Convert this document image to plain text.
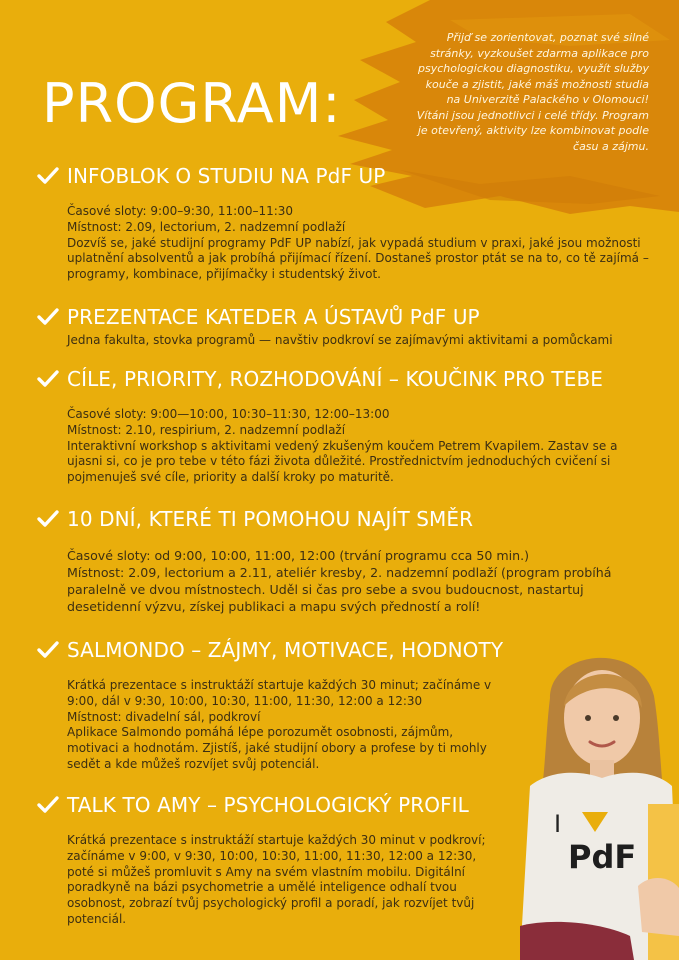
Přijď se zorientovat, poznat své silné stránky, vyzkoušet zdarma aplikace pro psychologickou diagnostiku, využít služby kouče a zjistit, jaké máš možnosti studia na Univerzitě Palackého v Olomouci! Vítáni jsou jednotlivci i celé třídy. Program je otevřený, aktivity lze kombinovat podle času a zájmu.
PROGRAM:
INFOBLOK O STUDIU NA PdF UP

Časové sloty: 9:00–9:30, 11:00–11:30

Místnost: 2.09, lectorium, 2. nadzemní podlaží

Dozvíš se, jaké studijní programy PdF UP nabízí, jak vypadá studium v praxi, jaké jsou možnosti uplatnění absolventů a jak probíhá přijímací řízení. Dostaneš prostor ptát se na to, co tě zajímá – programy, kombinace, přijímačky i studentský život.

PREZENTACE KATEDER A ÚSTAVŮ PdF UP

Jedna fakulta, stovka programů — navštiv podkroví se zajímavými aktivitami a pomůckami

CÍLE, PRIORITY, ROZHODOVÁNÍ – KOUČINK PRO TEBE

Časové sloty: 9:00—10:00, 10:30–11:30, 12:00–13:00

Místnost: 2.10, respirium, 2. nadzemní podlaží

Interaktivní workshop s aktivitami vedený zkušeným koučem Petrem Kvapilem. Zastav se a ujasni si, co je pro tebe v této fázi života důležité. Prostřednictvím jednoduchých cvičení si pojmenuješ své cíle, priority a další kroky po maturitě.

10 DNÍ, KTERÉ TI POMOHOU NAJÍT SMĚR

Časové sloty: od 9:00, 10:00, 11:00, 12:00 (trvání programu cca 50 min.)

Místnost: 2.09, lectorium a 2.11, ateliér kresby, 2. nadzemní podlaží (program probíhá paralelně ve dvou místnostech. Uděl si čas pro sebe a svou budoucnost, nastartuj desetidenní výzvu, získej publikaci a mapu svých předností a rolí!

SALMONDO – ZÁJMY, MOTIVACE, HODNOTY

Krátká prezentace s instruktáží startuje každých 30 minut; začínáme v 9:00, dál v 9:30, 10:00, 10:30, 11:00, 11:30, 12:00 a 12:30

Místnost: divadelní sál, podkroví

Aplikace Salmondo pomáhá lépe porozumět osobnosti, zájmům, motivaci a hodnotám. Zjistíš, jaké studijní obory a profese by ti mohly sedět a kde můžeš rozvíjet svůj potenciál.

TALK TO AMY – PSYCHOLOGICKÝ PROFIL

Krátká prezentace s instruktáží startuje každých 30 minut v podkroví; začínáme v 9:00, v 9:30, 10:00, 10:30, 11:00, 11:30, 12:00 a 12:30, poté si můžeš promluvit s Amy na svém vlastním mobilu. Digitální poradkyně na bázi psychometrie a umělé inteligence odhalí tvou osobnost, zobrazí tvůj psychologický profil a poradí, jak rozvíjet tvůj potenciál.

I
PdF
